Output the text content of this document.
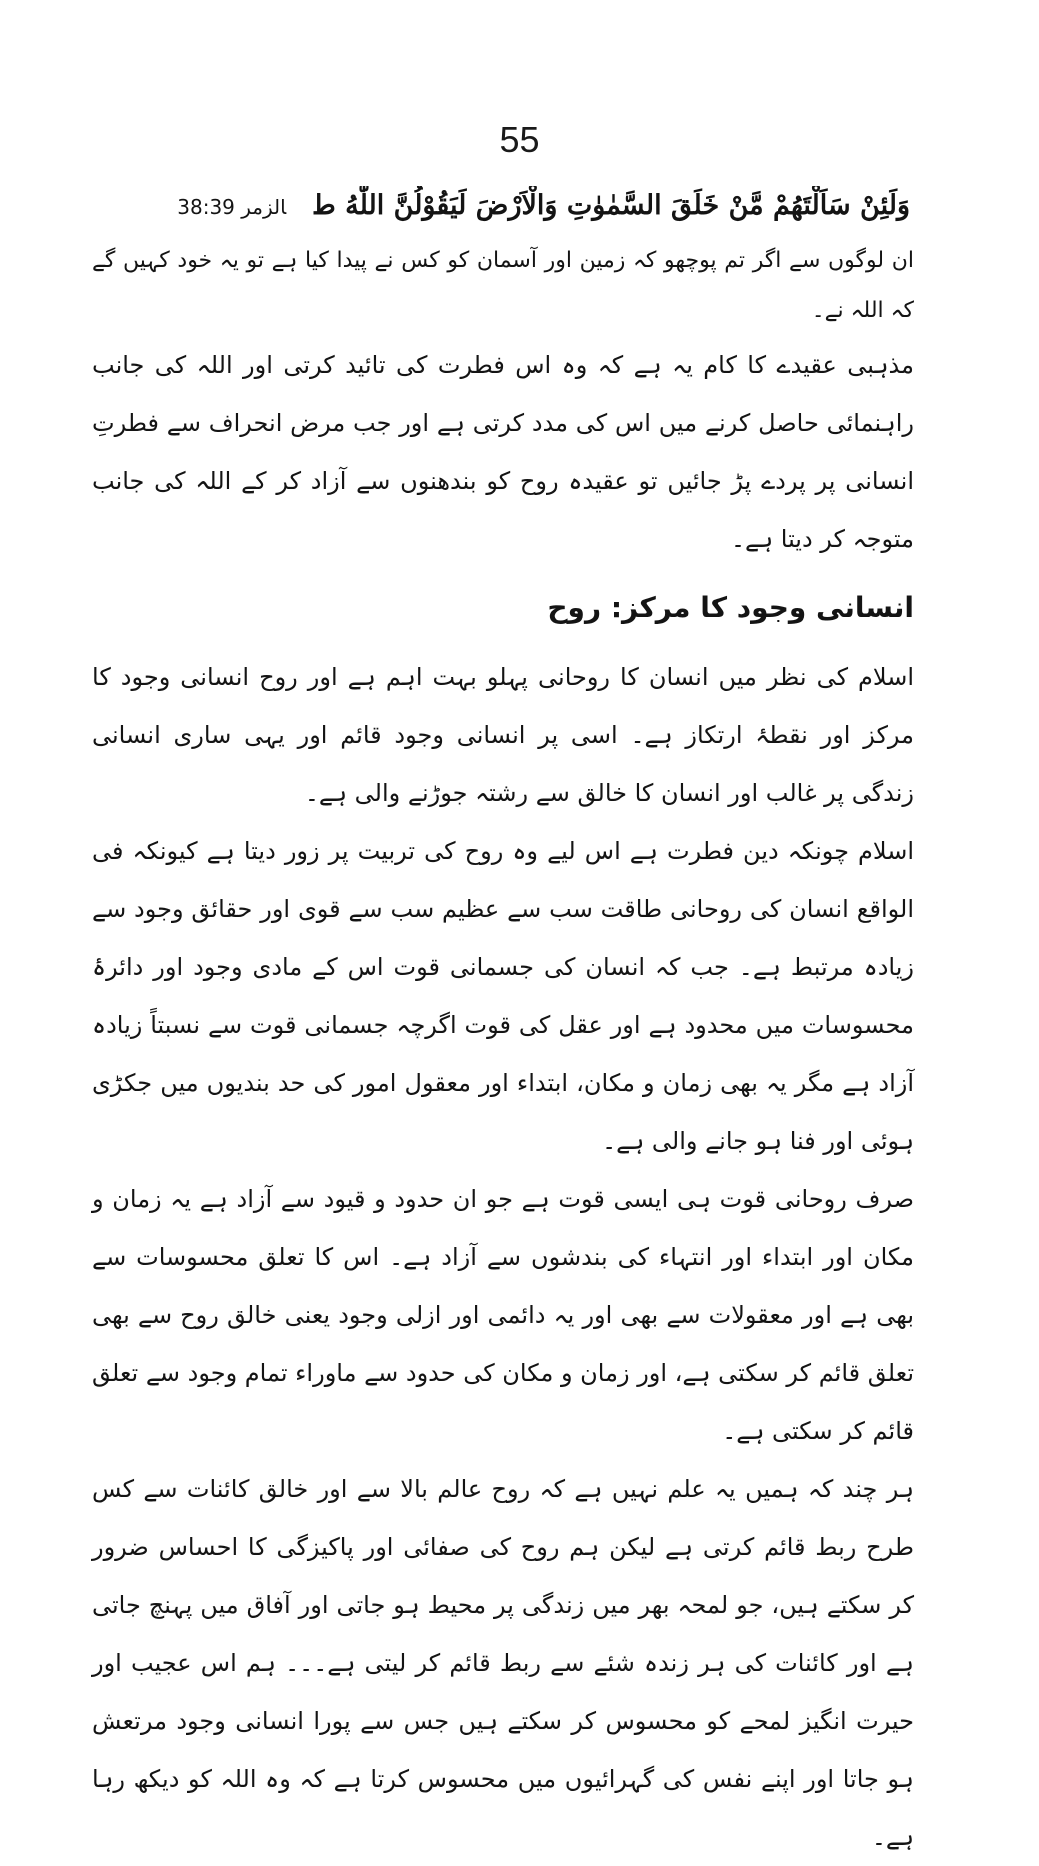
55
وَلَئِنْ سَاَلْتَهُمْ مَّنْ خَلَقَ السَّمٰوٰتِ وَالْاَرْضَ لَيَقُوْلُنَّ اللّٰهُ طالزمر 38:39

ان لوگوں سے اگر تم پوچھو کہ زمین اور آسمان کو کس نے پیدا کیا ہے تو یہ خود کہیں گے کہ اللہ نے۔

مذہبی عقیدے کا کام یہ ہے کہ وہ اس فطرت کی تائید کرتی اور اللہ کی جانب راہنمائی حاصل کرنے میں اس کی مدد کرتی ہے اور جب مرض انحراف سے فطرتِ انسانی پر پردے پڑ جائیں تو عقیدہ روح کو بندھنوں سے آزاد کر کے اللہ کی جانب متوجہ کر دیتا ہے۔

انسانی وجود کا مرکز: روح

اسلام کی نظر میں انسان کا روحانی پہلو بہت اہم ہے اور روح انسانی وجود کا مرکز اور نقطۂ ارتکاز ہے۔ اسی پر انسانی وجود قائم اور یہی ساری انسانی زندگی پر غالب اور انسان کا خالق سے رشتہ جوڑنے والی ہے۔

اسلام چونکہ دین فطرت ہے اس لیے وہ روح کی تربیت پر زور دیتا ہے کیونکہ فی الواقع انسان کی روحانی طاقت سب سے عظیم سب سے قوی اور حقائق وجود سے زیادہ مرتبط ہے۔ جب کہ انسان کی جسمانی قوت اس کے مادی وجود اور دائرۂ محسوسات میں محدود ہے اور عقل کی قوت اگرچہ جسمانی قوت سے نسبتاً زیادہ آزاد ہے مگر یہ بھی زمان و مکان، ابتداء اور معقول امور کی حد بندیوں میں جکڑی ہوئی اور فنا ہو جانے والی ہے۔

صرف روحانی قوت ہی ایسی قوت ہے جو ان حدود و قیود سے آزاد ہے یہ زمان و مکان اور ابتداء اور انتہاء کی بندشوں سے آزاد ہے۔ اس کا تعلق محسوسات سے بھی ہے اور معقولات سے بھی اور یہ دائمی اور ازلی وجود یعنی خالق روح سے بھی تعلق قائم کر سکتی ہے، اور زمان و مکان کی حدود سے ماوراء تمام وجود سے تعلق قائم کر سکتی ہے۔

ہر چند کہ ہمیں یہ علم نہیں ہے کہ روح عالم بالا سے اور خالق کائنات سے کس طرح ربط قائم کرتی ہے لیکن ہم روح کی صفائی اور پاکیزگی کا احساس ضرور کر سکتے ہیں، جو لمحہ بھر میں زندگی پر محیط ہو جاتی اور آفاق میں پہنچ جاتی ہے اور کائنات کی ہر زندہ شئے سے ربط قائم کر لیتی ہے۔۔۔ ہم اس عجیب اور حیرت انگیز لمحے کو محسوس کر سکتے ہیں جس سے پورا انسانی وجود مرتعش ہو جاتا اور اپنے نفس کی گہرائیوں میں محسوس کرتا ہے کہ وہ اللہ کو دیکھ رہا ہے۔
